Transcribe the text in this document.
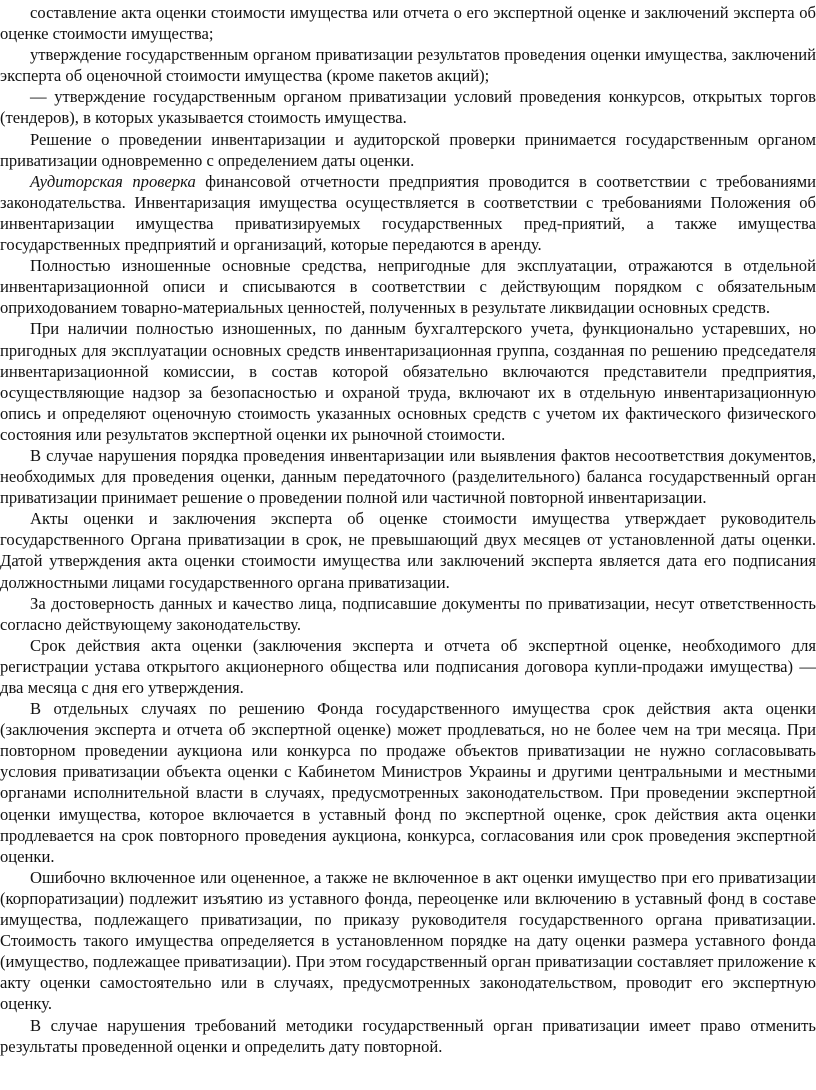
составление акта оценки стоимости имущества или отчета о его экспертной оценке и заключений эксперта об оценке стоимости имущества;

утверждение государственным органом приватизации результатов проведения оценки имущества, заключений эксперта об оценочной стоимости имущества (кроме пакетов акций);

— утверждение государственным органом приватизации условий проведения конкурсов, открытых торгов (тендеров), в которых указывается стоимость имущества.

Решение о проведении инвентаризации и аудиторской проверки принимается государственным органом приватизации одновременно с определением даты оценки.

Аудиторская проверка финансовой отчетности предприятия проводится в соответствии с требованиями законодательства. Инвентаризация имущества осуществляется в соответствии с требованиями Положения об инвентаризации имущества приватизируемых государственных пред-приятий, а также имущества государственных предприятий и организаций, которые передаются в аренду.

Полностью изношенные основные средства, непригодные для эксплуатации, отражаются в отдельной инвентаризационной описи и списываются в соответствии с действующим порядком с обязательным оприходованием товарно-материальных ценностей, полученных в результате ликвидации основных средств.

При наличии полностью изношенных, по данным бухгалтерского учета, функционально устаревших, но пригодных для эксплуатации основных средств инвентаризационная группа, созданная по решению председателя инвентаризационной комиссии, в состав которой обязательно включаются представители предприятия, осуществляющие надзор за безопасностью и охраной труда, включают их в отдельную инвентаризационную опись и определяют оценочную стоимость указанных основных средств с учетом их фактического физического состояния или результатов экспертной оценки их рыночной стоимости.

В случае нарушения порядка проведения инвентаризации или выявления фактов несоответствия документов, необходимых для проведения оценки, данным передаточного (разделительного) баланса государственный орган приватизации принимает решение о проведении полной или частичной повторной инвентаризации.

Акты оценки и заключения эксперта об оценке стоимости имущества утверждает руководитель государственного Органа приватизации в срок, не превышающий двух месяцев от установленной даты оценки. Датой утверждения акта оценки стоимости имущества или заключений эксперта является дата его подписания должностными лицами государственного органа приватизации.

За достоверность данных и качество лица, подписавшие документы по приватизации, несут ответственность согласно действующему законодательству.

Срок действия акта оценки (заключения эксперта и отчета об экспертной оценке, необходимого для регистрации устава открытого акционерного общества или подписания договора купли-продажи имущества) — два месяца с дня его утверждения.

В отдельных случаях по решению Фонда государственного имущества срок действия акта оценки (заключения эксперта и отчета об экспертной оценке) может продлеваться, но не более чем на три месяца. При повторном проведении аукциона или конкурса по продаже объектов приватизации не нужно согласовывать условия приватизации объекта оценки с Кабинетом Министров Украины и другими центральными и местными органами исполнительной власти в случаях, предусмотренных законодательством. При проведении экспертной оценки имущества, которое включается в уставный фонд по экспертной оценке, срок действия акта оценки продлевается на срок повторного проведения аукциона, конкурса, согласования или срок проведения экспертной оценки.

Ошибочно включенное или оцененное, а также не включенное в акт оценки имущество при его приватизации (корпоратизации) подлежит изъятию из уставного фонда, переоценке или включению в уставный фонд в составе имущества, подлежащего приватизации, по приказу руководителя государственного органа приватизации. Стоимость такого имущества определяется в установленном порядке на дату оценки размера уставного фонда (имущество, подлежащее приватизации). При этом государственный орган приватизации составляет приложение к акту оценки самостоятельно или в случаях, предусмотренных законодательством, проводит его экспертную оценку.

В случае нарушения требований методики государственный орган приватизации имеет право отменить результаты проведенной оценки и определить дату повторной.
